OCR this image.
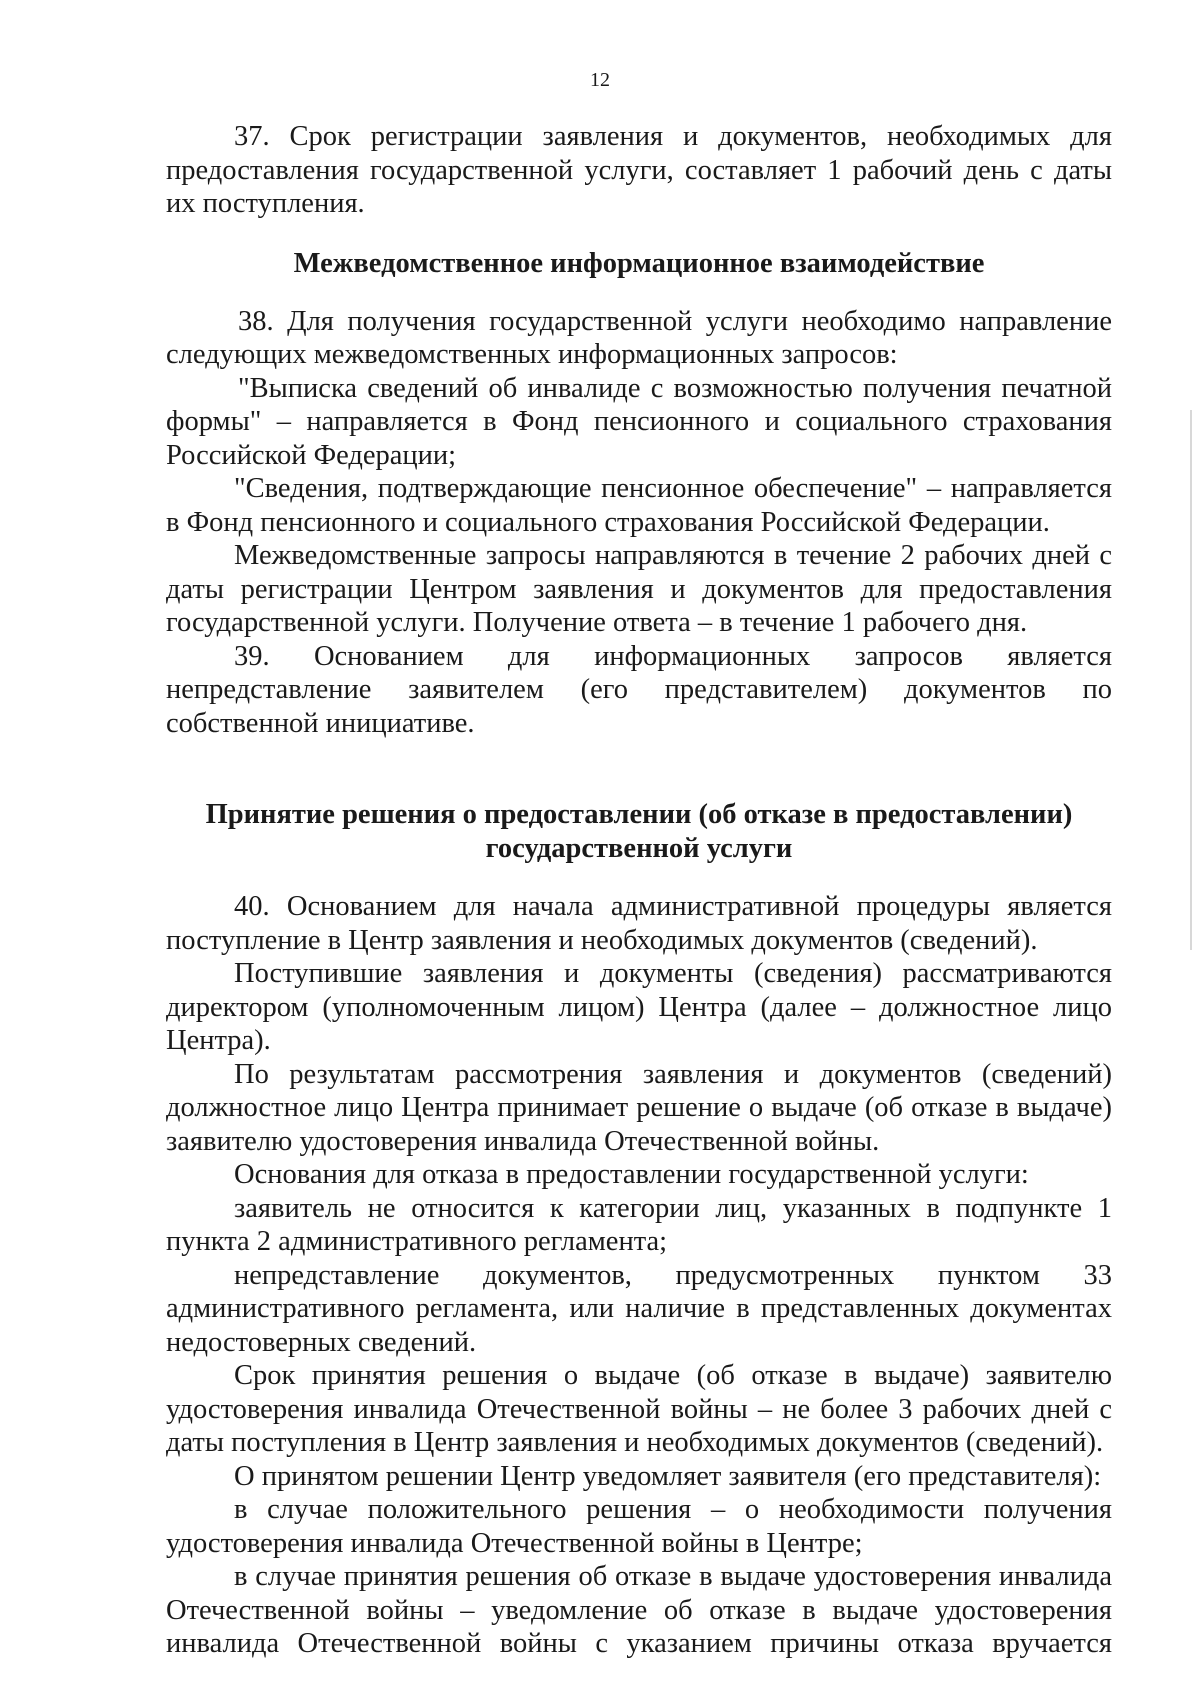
12

37. Срок регистрации заявления и документов, необходимых для предоставления государственной услуги, составляет 1 рабочий день с даты их поступления.

Межведомственное информационное взаимодействие

38. Для получения государственной услуги необходимо направление следующих межведомственных информационных запросов:

"Выписка сведений об инвалиде с возможностью получения печатной формы" – направляется в Фонд пенсионного и социального страхования Российской Федерации;

"Сведения, подтверждающие пенсионное обеспечение" – направляется в Фонд пенсионного и социального страхования Российской Федерации.

Межведомственные запросы направляются в течение 2 рабочих дней с даты регистрации Центром заявления и документов для предоставления государственной услуги. Получение ответа – в течение 1 рабочего дня.

39. Основанием для информационных запросов является непредставление заявителем (его представителем) документов по собственной инициативе.

Принятие решения о предоставлении (об отказе в предоставлении)
государственной услуги

40. Основанием для начала административной процедуры является поступление в Центр заявления и необходимых документов (сведений).

Поступившие заявления и документы (сведения) рассматриваются директором (уполномоченным лицом) Центра (далее – должностное лицо Центра).

По результатам рассмотрения заявления и документов (сведений) должностное лицо Центра принимает решение о выдаче (об отказе в выдаче) заявителю удостоверения инвалида Отечественной войны.

Основания для отказа в предоставлении государственной услуги:

заявитель не относится к категории лиц, указанных в подпункте 1 пункта 2 административного регламента;

непредставление документов, предусмотренных пунктом 33 административного регламента, или наличие в представленных документах недостоверных сведений.

Срок принятия решения о выдаче (об отказе в выдаче) заявителю удостоверения инвалида Отечественной войны – не более 3 рабочих дней с даты поступления в Центр заявления и необходимых документов (сведений).

О принятом решении Центр уведомляет заявителя (его представителя):

в случае положительного решения – о необходимости получения удостоверения инвалида Отечественной войны в Центре;

в случае принятия решения об отказе в выдаче удостоверения инвалида Отечественной войны – уведомление об отказе в выдаче удостоверения инвалида Отечественной войны с указанием причины отказа вручается
